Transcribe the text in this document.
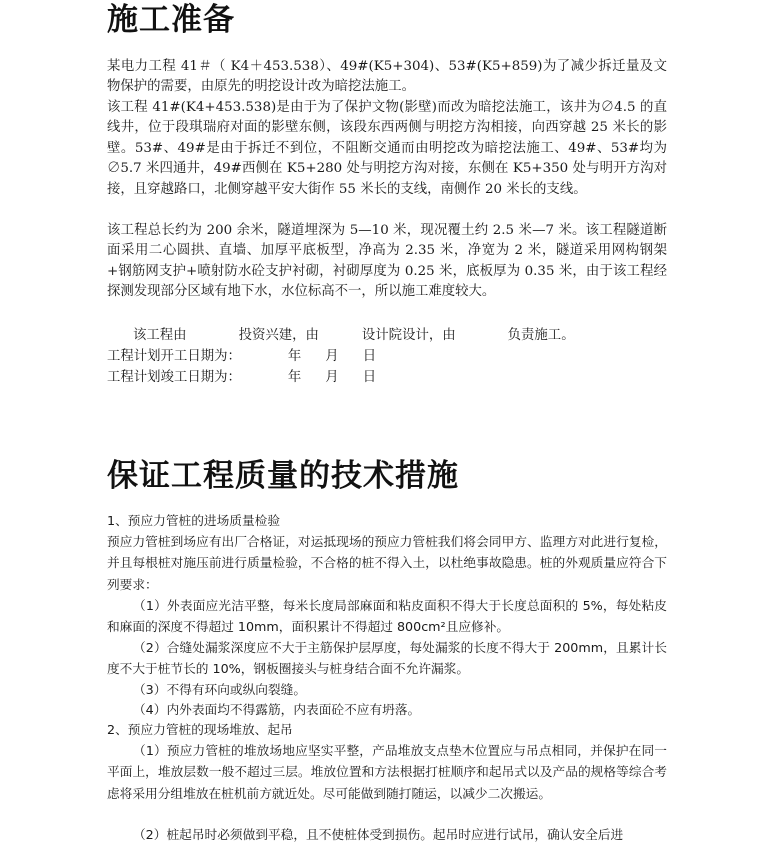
施工准备

某电力工程 41＃（ K4＋453.538）、49#(K5+304)、53#(K5+859)为了减少拆迁量及文物保护的需要，由原先的明挖设计改为暗挖法施工。

该工程 41#(K4+453.538)是由于为了保护文物(影壁)而改为暗挖法施工，该井为∅4.5 的直线井，位于段琪瑞府对面的影壁东侧，该段东西两侧与明挖方沟相接，向西穿越 25 米长的影壁。53#、49#是由于拆迁不到位，不阻断交通而由明挖改为暗挖法施工、49#、53#均为∅5.7 米四通井，49#西侧在 K5+280 处与明挖方沟对接，东侧在 K5+350 处与明开方沟对接，且穿越路口，北侧穿越平安大街作 55 米长的支线，南侧作 20 米长的支线。

该工程总长约为 200 余米，隧道埋深为 5—10 米，现况覆土约 2.5 米—7 米。该工程隧道断面采用二心圆拱、直墙、加厚平底板型，净高为 2.35 米，净宽为 2 米，隧道采用网构钢架+钢筋网支护+喷射防水砼支护衬砌，衬砌厚度为 0.25 米，底板厚为 0.35 米，由于该工程经探测发现部分区域有地下水，水位标高不一，所以施工难度较大。

该工程由	投资兴建，由	设计院设计，由	负责施工。

工程计划开工日期为：	年 月 日

工程计划竣工日期为：	年 月 日

保证工程质量的技术措施

1、预应力管桩的进场质量检验

预应力管桩到场应有出厂合格证，对运抵现场的预应力管桩我们将会同甲方、监理方对此进行复检，并且每根桩对施压前进行质量检验，不合格的桩不得入土，以杜绝事故隐患。桩的外观质量应符合下列要求：

（1）外表面应光洁平整，每米长度局部麻面和粘皮面积不得大于长度总面积的 5%，每处粘皮和麻面的深度不得超过 10mm，面积累计不得超过 800cm²且应修补。

（2）合缝处漏浆深度应不大于主筋保护层厚度，每处漏浆的长度不得大于 200mm，且累计长度不大于桩节长的 10%，钢板圈接头与桩身结合面不允许漏浆。

（3）不得有环向或纵向裂缝。

（4）内外表面均不得露筋，内表面砼不应有坍落。

2、预应力管桩的现场堆放、起吊

（1）预应力管桩的堆放场地应坚实平整，产品堆放支点垫木位置应与吊点相同，并保护在同一平面上，堆放层数一般不超过三层。堆放位置和方法根据打桩顺序和起吊式以及产品的规格等综合考虑将采用分组堆放在桩机前方就近处。尽可能做到随打随运，以减少二次搬运。

（2）桩起吊时必须做到平稳，且不使桩体受到损伤。起吊时应进行试吊，确认安全后进
